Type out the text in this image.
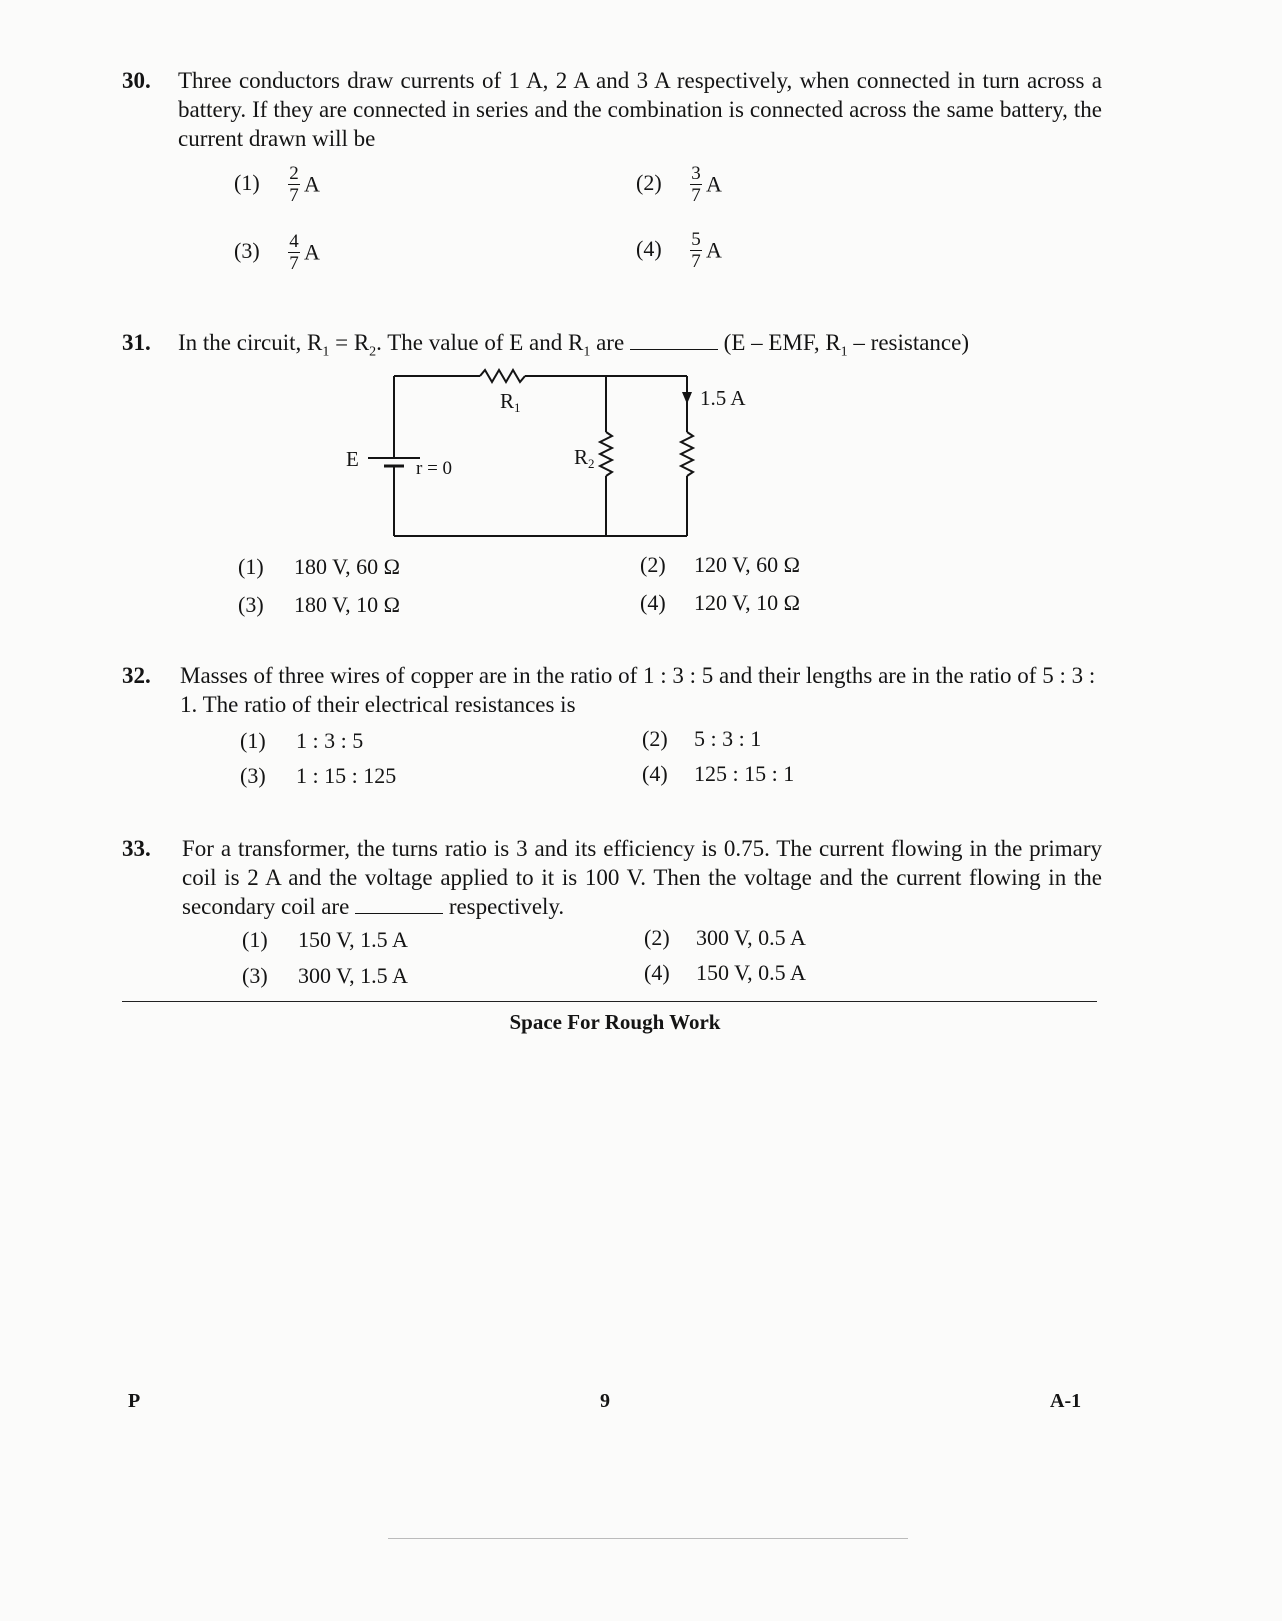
30.	Three conductors draw currents of 1 A, 2 A and 3 A respectively, when connected in turn across a battery. If they are connected in series and the combination is connected across the same battery, the current drawn will be
$(1) \frac{2}{7}$ A	$(2) \frac{3}{7}$ A
$(3) \frac{4}{7}$ A	$(4) \frac{5}{7}$ A
31.	In the circuit, $R_1 = R_2$. The value of E and $R_1$ are	(E – EMF, $R_1$ – resistance)
R1
R2
1.5 A
E	r = 0
(1) 180 V, 60 Ω	(2) 120 V, 60 Ω
(3) 180 V, 10 Ω	(4) 120 V, 10 Ω
32.	Masses of three wires of copper are in the ratio of 1 : 3 : 5 and their lengths are in the ratio of 5 : 3 : 1. The ratio of their electrical resistances is
(1) 1 : 3 : 5	(2) 5 : 3 : 1
(3) 1 : 15 : 125	(4) 125 : 15 : 1
33.	For a transformer, the turns ratio is 3 and its efficiency is 0.75. The current flowing in the primary coil is 2 A and the voltage applied to it is 100 V. Then the voltage and the current flowing in the secondary coil are	respectively.
(1) 150 V, 1.5 A	(2) 300 V, 0.5 A
(3) 300 V, 1.5 A	(4) 150 V, 0.5 A
Space For Rough Work
P	9	A-1
